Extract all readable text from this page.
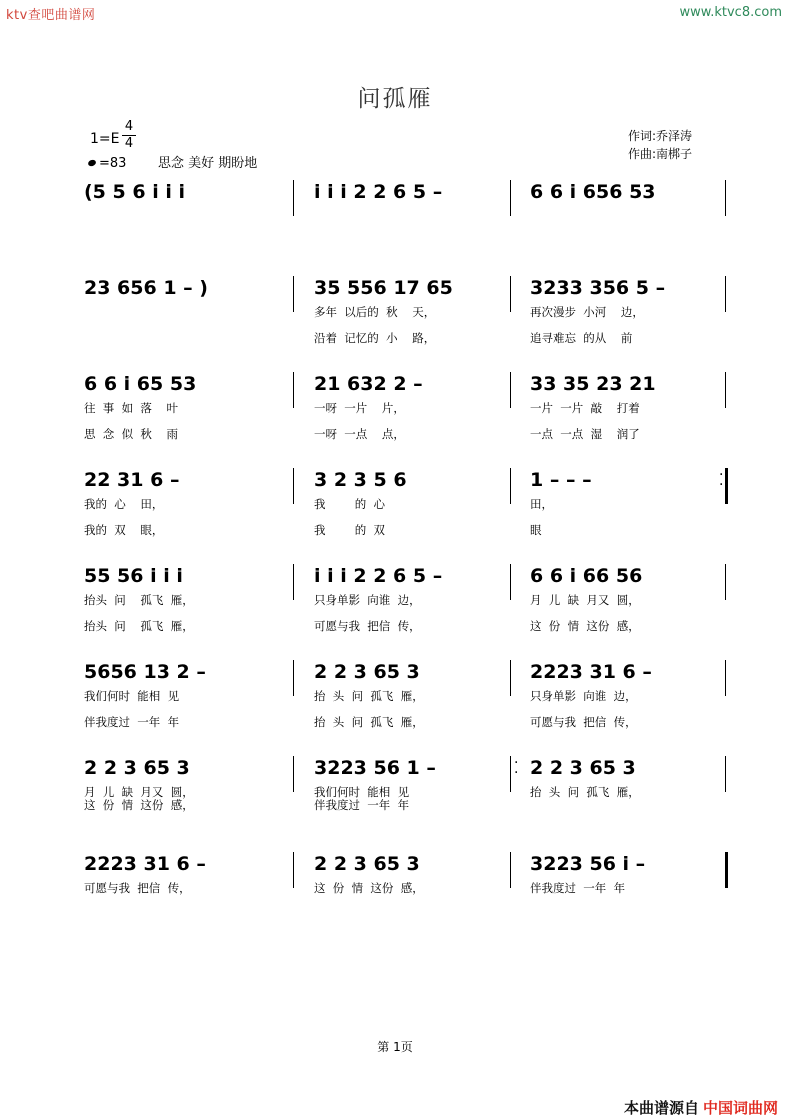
ktv查吧曲谱网	www.ktvc8.com
问孤雁
1=E
4
4
=83 思念 美好 期盼地
作词:乔泽涛
作曲:南梆子
(5 5 6 i i i	i i i 2 2 6 5 –	6 6 i 656 53
23 656 1 – )	35 556 17 65
多年  以后的  秋    天，
沿着  记忆的  小    路，
3233 356 5 –
再次漫步  小河    边，
追寻难忘  的从    前
6 6 i 65 53
往  事  如  落    叶
思  念  似  秋    雨
21 632 2 –
一呀  一片    片，
一呀  一点    点，
33 35 23 21
一片  一片  敲    打着
一点  一点  湿    润了
22 31 6 –
我的  心    田，
我的  双    眼，
3 2 3 5 6
我        的  心
我        的  双
1 – – –
田，
眼
·
·
55 56 i i i
抬头  问    孤飞  雁，
抬头  问    孤飞  雁，
i i i 2 2 6 5 –
只身单影  向谁  边，
可愿与我  把信  传，
6 6 i 66 56
月  儿  缺  月又  圆，
这  份  情  这份  感，
5656 13 2 –
我们何时  能相  见
伴我度过  一年  年
2 2 3 65 3
抬  头  问  孤飞  雁，
抬  头  问  孤飞  雁，
2223 31 6 –
只身单影  向谁  边，
可愿与我  把信  传，
2 2 3 65 3
月  儿  缺  月又  圆，
这  份  情  这份  感，
3223 56 1 –
我们何时  能相  见
伴我度过  一年  年
2 2 3 65 3
抬  头  问  孤飞  雁，
·
·
2223 31 6 –
可愿与我  把信  传，
2 2 3 65 3
这  份  情  这份  感，
3223 56 i –
伴我度过  一年  年
第 1页
本曲谱源自 中国词曲网
